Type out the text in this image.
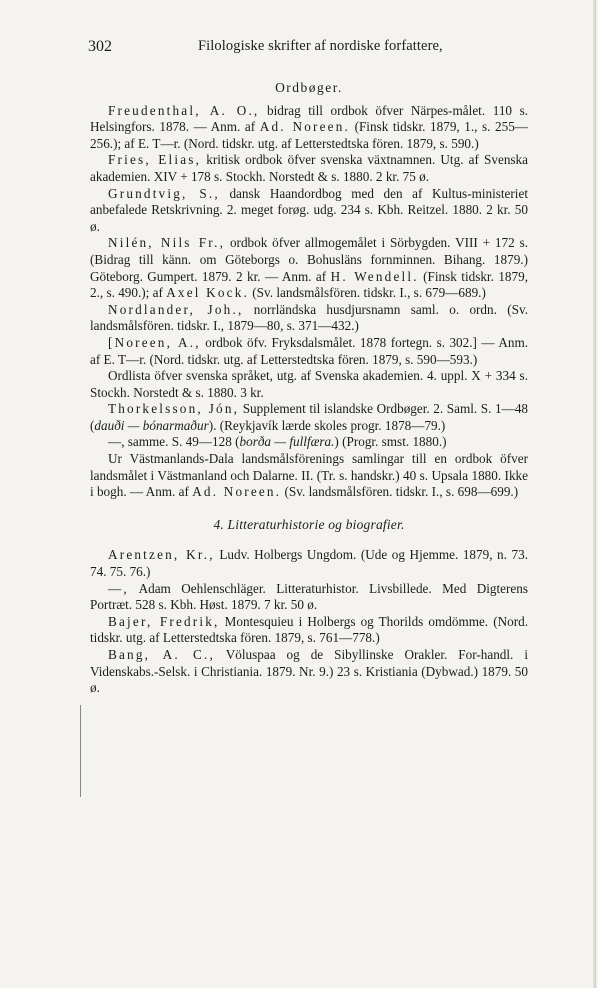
302	Filologiske skrifter af nordiske forfattere,

Ordbøger.

Freudenthal, A. O., bidrag till ordbok öfver Närpes-målet. 110 s. Helsingfors. 1878. — Anm. af Ad. Noreen. (Finsk tidskr. 1879, 1., s. 255—256.); af E. T—r. (Nord. tidskr. utg. af Letterstedtska fören. 1879, s. 590.)

Fries, Elias, kritisk ordbok öfver svenska växtnamnen. Utg. af Svenska akademien. XIV + 178 s. Stockh. Norstedt & s. 1880. 2 kr. 75 ø.

Grundtvig, S., dansk Haandordbog med den af Kultus-ministeriet anbefalede Retskrivning. 2. meget forøg. udg. 234 s. Kbh. Reitzel. 1880. 2 kr. 50 ø.

Nilén, Nils Fr., ordbok öfver allmogemålet i Sörbygden. VIII + 172 s. (Bidrag till känn. om Göteborgs o. Bohusläns fornminnen. Bihang. 1879.) Göteborg. Gumpert. 1879. 2 kr. — Anm. af H. Wendell. (Finsk tidskr. 1879, 2., s. 490.); af Axel Kock. (Sv. landsmålsfören. tidskr. I., s. 679—689.)

Nordlander, Joh., norrländska husdjursnamn saml. o. ordn. (Sv. landsmålsfören. tidskr. I., 1879—80, s. 371—432.)

[Noreen, A., ordbok öfv. Fryksdalsmålet. 1878 fortegn. s. 302.] — Anm. af E. T—r. (Nord. tidskr. utg. af Letterstedtska fören. 1879, s. 590—593.)

Ordlista öfver svenska språket, utg. af Svenska akademien. 4. uppl. X + 334 s. Stockh. Norstedt & s. 1880. 3 kr.

Thorkelsson, Jón, Supplement til islandske Ordbøger. 2. Saml. S. 1—48 (dauði — bónarmaður). (Reykjavík lærde skoles progr. 1878—79.)

—, samme. S. 49—128 (borða — fullfæra.) (Progr. smst. 1880.)

Ur Västmanlands-Dala landsmålsförenings samlingar till en ordbok öfver landsmålet i Västmanland och Dalarne. II. (Tr. s. handskr.) 40 s. Upsala 1880. Ikke i bogh. — Anm. af Ad. Noreen. (Sv. landsmålsfören. tidskr. I., s. 698—699.)

4. Litteraturhistorie og biografier.

Arentzen, Kr., Ludv. Holbergs Ungdom. (Ude og Hjemme. 1879, n. 73. 74. 75. 76.)

—, Adam Oehlenschläger. Litteraturhistor. Livsbillede. Med Digterens Portræt. 528 s. Kbh. Høst. 1879. 7 kr. 50 ø.

Bajer, Fredrik, Montesquieu i Holbergs og Thorilds omdömme. (Nord. tidskr. utg. af Letterstedtska fören. 1879, s. 761—778.)

Bang, A. C., Völuspaa og de Sibyllinske Orakler. For-handl. i Videnskabs.-Selsk. i Christiania. 1879. Nr. 9.) 23 s. Kristiania (Dybwad.) 1879. 50 ø.
